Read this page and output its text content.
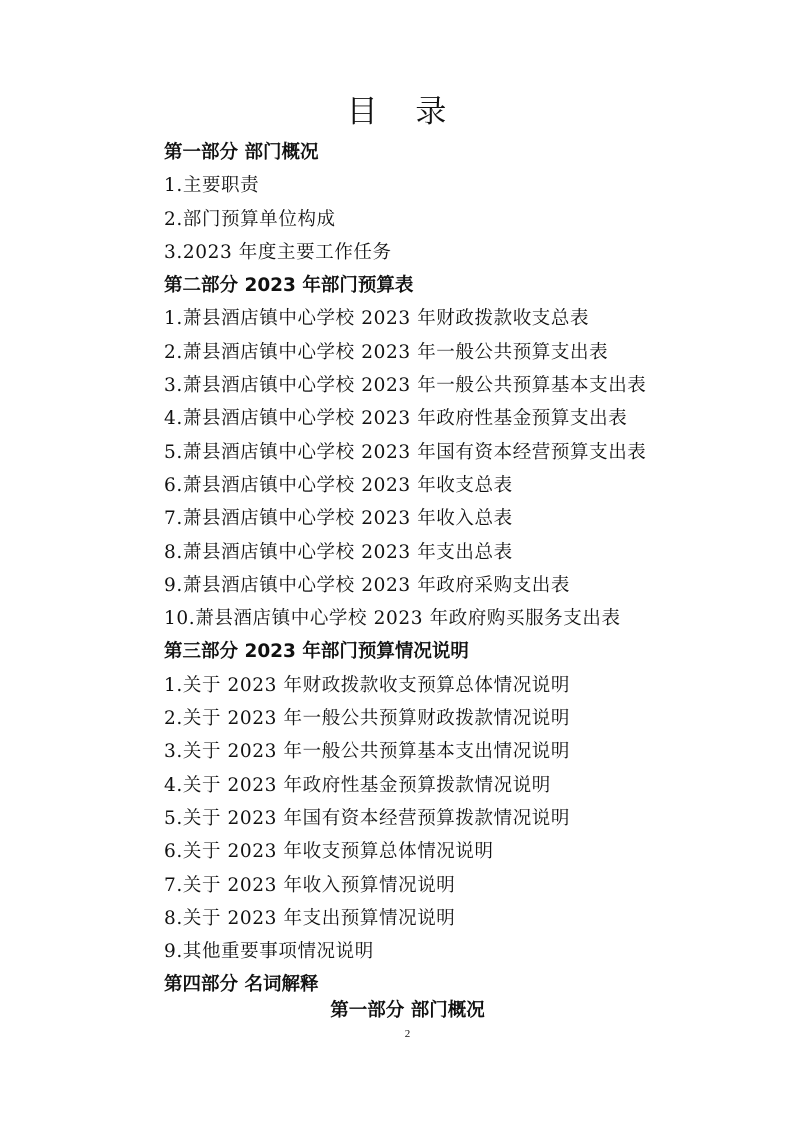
目 录
第一部分 部门概况
1.主要职责
2.部门预算单位构成
3.2023 年度主要工作任务
第二部分 2023 年部门预算表
1.萧县酒店镇中心学校 2023 年财政拨款收支总表
2.萧县酒店镇中心学校 2023 年一般公共预算支出表
3.萧县酒店镇中心学校 2023 年一般公共预算基本支出表
4.萧县酒店镇中心学校 2023 年政府性基金预算支出表
5.萧县酒店镇中心学校 2023 年国有资本经营预算支出表
6.萧县酒店镇中心学校 2023 年收支总表
7.萧县酒店镇中心学校 2023 年收入总表
8.萧县酒店镇中心学校 2023 年支出总表
9.萧县酒店镇中心学校 2023 年政府采购支出表
10.萧县酒店镇中心学校 2023 年政府购买服务支出表
第三部分 2023 年部门预算情况说明
1.关于 2023 年财政拨款收支预算总体情况说明
2.关于 2023 年一般公共预算财政拨款情况说明
3.关于 2023 年一般公共预算基本支出情况说明
4.关于 2023 年政府性基金预算拨款情况说明
5.关于 2023 年国有资本经营预算拨款情况说明
6.关于 2023 年收支预算总体情况说明
7.关于 2023 年收入预算情况说明
8.关于 2023 年支出预算情况说明
9.其他重要事项情况说明
第四部分 名词解释
第一部分 部门概况
2
